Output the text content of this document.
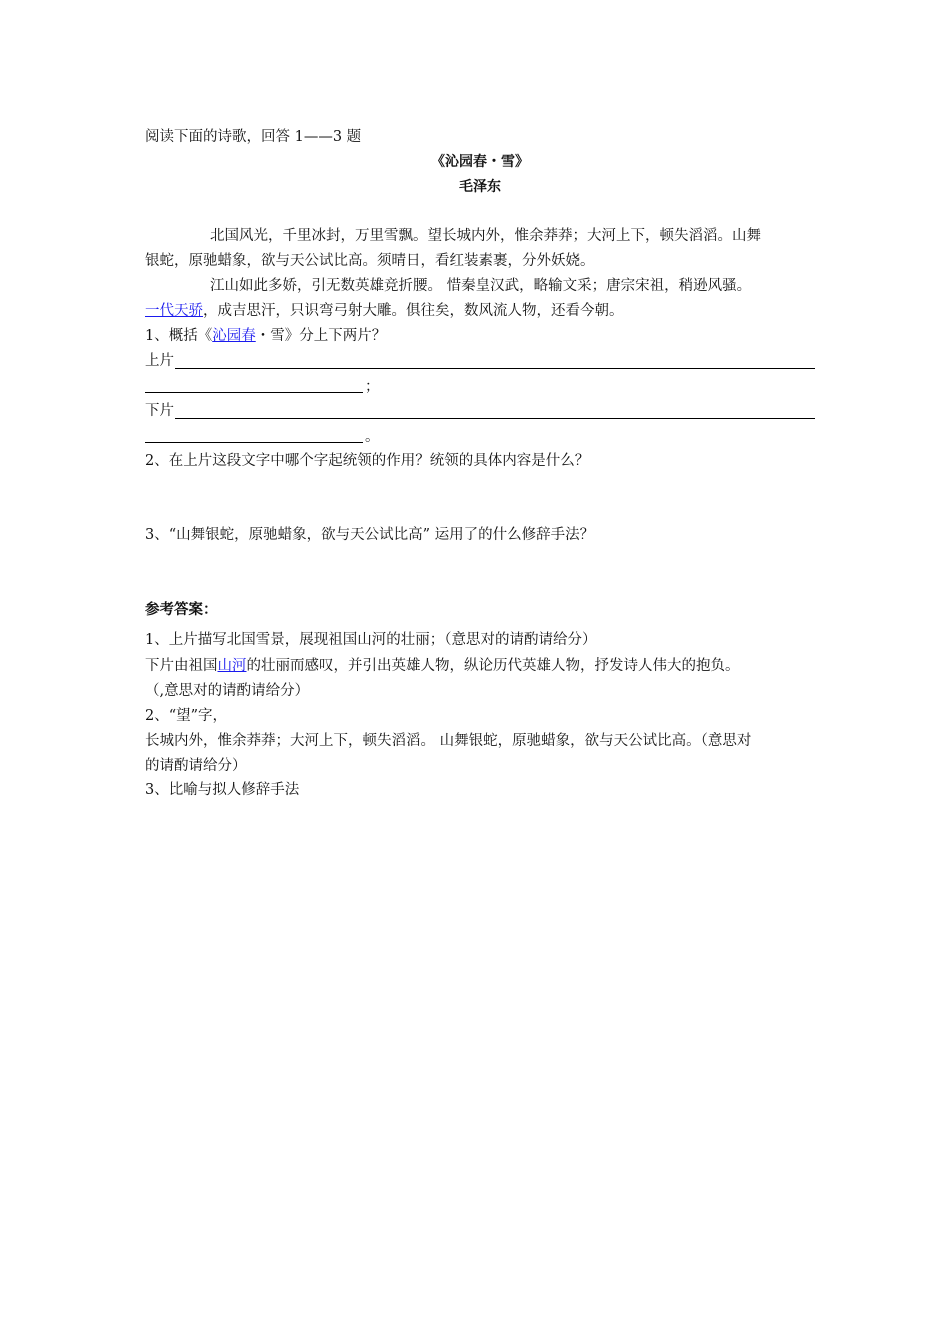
阅读下面的诗歌，回答 1——3 题
《沁园春・雪》
毛泽东
北国风光，千里冰封，万里雪飘。望长城内外，惟余莽莽；大河上下，顿失滔滔。山舞
银蛇，原驰蜡象，欲与天公试比高。须晴日，看红装素裹，分外妖娆。
江山如此多娇，引无数英雄竞折腰。 惜秦皇汉武，略输文采；唐宗宋祖，稍逊风骚。
一代天骄，成吉思汗，只识弯弓射大雕。俱往矣，数风流人物，还看今朝。
1、概括《沁园春・雪》分上下两片？
上片
；
下片
。
2、在上片这段文字中哪个字起统领的作用？统领的具体内容是什么？
3、“山舞银蛇，原驰蜡象，欲与天公试比高” 运用了的什么修辞手法？
参考答案：
1、上片描写北国雪景，展现祖国山河的壮丽；（意思对的请酌请给分）
下片由祖国山河的壮丽而感叹，并引出英雄人物，纵论历代英雄人物，抒发诗人伟大的抱负。
（,意思对的请酌请给分）
2、“望”字，
长城内外，惟余莽莽；大河上下，顿失滔滔。 山舞银蛇，原驰蜡象，欲与天公试比高。（意思对
的请酌请给分）
3、比喻与拟人修辞手法
